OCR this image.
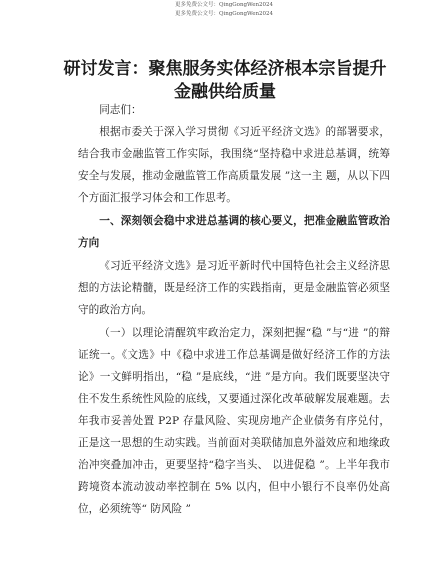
更多免费公文号：QingGongWen2024
更多免费公文号：QingGongWen2024
研讨发言：聚焦服务实体经济根本宗旨提升金融供给质量

同志们：

根据市委关于深入学习贯彻《习近平经济文选》的部署要求，结合我市金融监管工作实际，我围绕“坚持稳中求进总基调，统筹安全与发展，推动金融监管工作高质量发展 ”这一主 题，从以下四个方面汇报学习体会和工作思考。

一、深刻领会稳中求进总基调的核心要义，把准金融监管政治方向

《习近平经济文选》是习近平新时代中国特色社会主义经济思想的方法论精髓，既是经济工作的实践指南，更是金融监管必须坚守的政治方向。

（一）以理论清醒筑牢政治定力，深刻把握“稳 ”与“进 ”的辩证统一。《文选》中《稳中求进工作总基调是做好经济工作的方法论》一文鲜明指出，“稳 ”是底线，“进 ”是方向。我们既要坚决守住不发生系统性风险的底线，又要通过深化改革破解发展难题。去年我市妥善处置 P2P 存量风险、实现房地产企业债务有序兑付，正是这一思想的生动实践。当前面对美联储加息外溢效应和地缘政治冲突叠加冲击，更要坚持“稳字当头、 以进促稳 ”。上半年我市跨境资本流动波动率控制在 5% 以内，但中小银行不良率仍处高位，必须统等“ 防风险 ”
